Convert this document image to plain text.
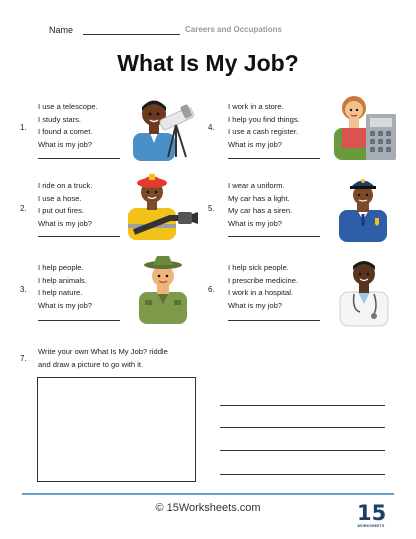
Name	Careers and Occupations
What Is My Job?
1.
I use a telescope.
I study stars.
I found a comet.
What is my job?
2.
I ride on a truck.
I use a hose.
I put out fires.
What is my job?
3.
I help people.
I help animals.
I help nature.
What is my job?
4.
I work in a store.
I help you find things.
I use a cash register.
What is my job?
5.
I wear a uniform.
My car has a light.
My car has a siren.
What is my job?
6.
I help sick people.
I prescribe medicine.
I work in a hospital.
What is my job?
7.
Write your own What Is My Job? riddle
and draw a picture to go with it.
© 15Worksheets.com	15
WORKSHEETS
